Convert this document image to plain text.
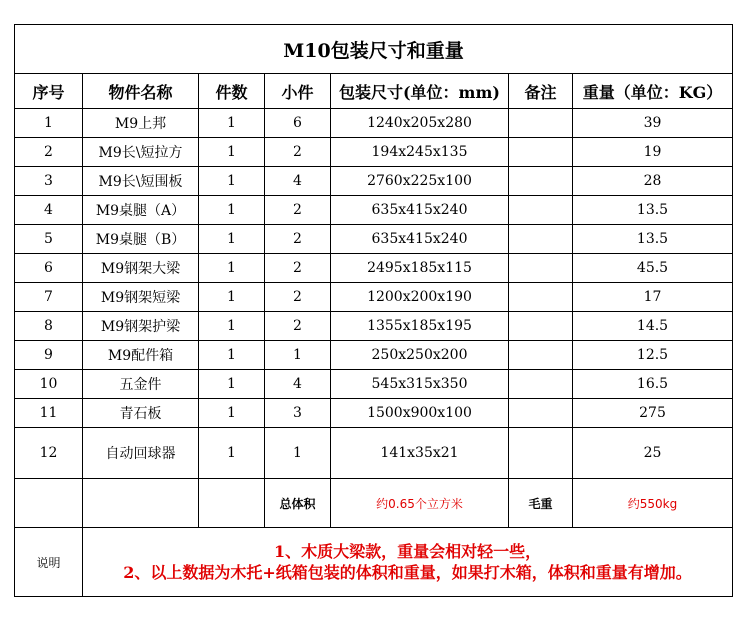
M10包装尺寸和重量						
序号	物件名称	件数	小件	包装尺寸(单位：mm)	备注	重量（单位：KG）
1	M9上邦	1	6	1240x205x280		39
2	M9长\短拉方	1	2	194x245x135		19
3	M9长\短围板	1	4	2760x225x100		28
4	M9桌腿（A）	1	2	635x415x240		13.5
5	M9桌腿（B）	1	2	635x415x240		13.5
6	M9钢架大梁	1	2	2495x185x115		45.5
7	M9钢架短梁	1	2	1200x200x190		17
8	M9钢架护梁	1	2	1355x185x195		14.5
9	M9配件箱	1	1	250x250x200		12.5
10	五金件	1	4	545x315x350		16.5
11	青石板	1	3	1500x900x100		275
12	自动回球器	1	1	141x35x21		25
			总体积	约0.65个立方米	毛重	约550kg
说明	1、木质大梁款，重量会相对轻一些，
2、以上数据为木托+纸箱包装的体积和重量，如果打木箱，体积和重量有增加。					
